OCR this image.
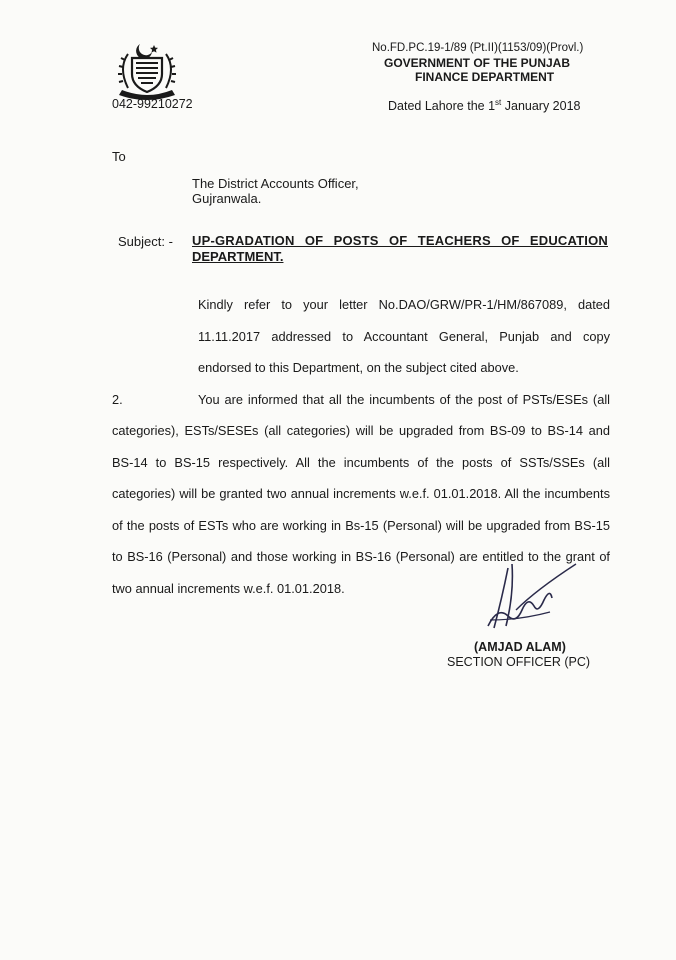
042-99210272
No.FD.PC.19-1/89 (Pt.II)(1153/09)(Provl.)
GOVERNMENT OF THE PUNJAB
FINANCE DEPARTMENT
Dated Lahore the 1st January 2018
To
The District Accounts Officer,
Gujranwala.
Subject: - UP-GRADATION OF POSTS OF TEACHERS OF EDUCATION
DEPARTMENT.

Kindly refer to your letter No.DAO/GRW/PR-1/HM/867089, dated 11.11.2017 addressed to Accountant General, Punjab and copy endorsed to this Department, on the subject cited above.

2.	You are informed that all the incumbents of the post of PSTs/ESEs (all categories), ESTs/SESEs (all categories) will be upgraded from BS-09 to BS-14 and BS-14 to BS-15 respectively. All the incumbents of the posts of SSTs/SSEs (all categories) will be granted two annual increments w.e.f. 01.01.2018. All the incumbents of the posts of ESTs who are working in Bs-15 (Personal) will be upgraded from BS-15 to BS-16 (Personal) and those working in BS-16 (Personal) are entitled to the grant of two annual increments w.e.f. 01.01.2018.

(AMJAD ALAM)
SECTION OFFICER (PC)
